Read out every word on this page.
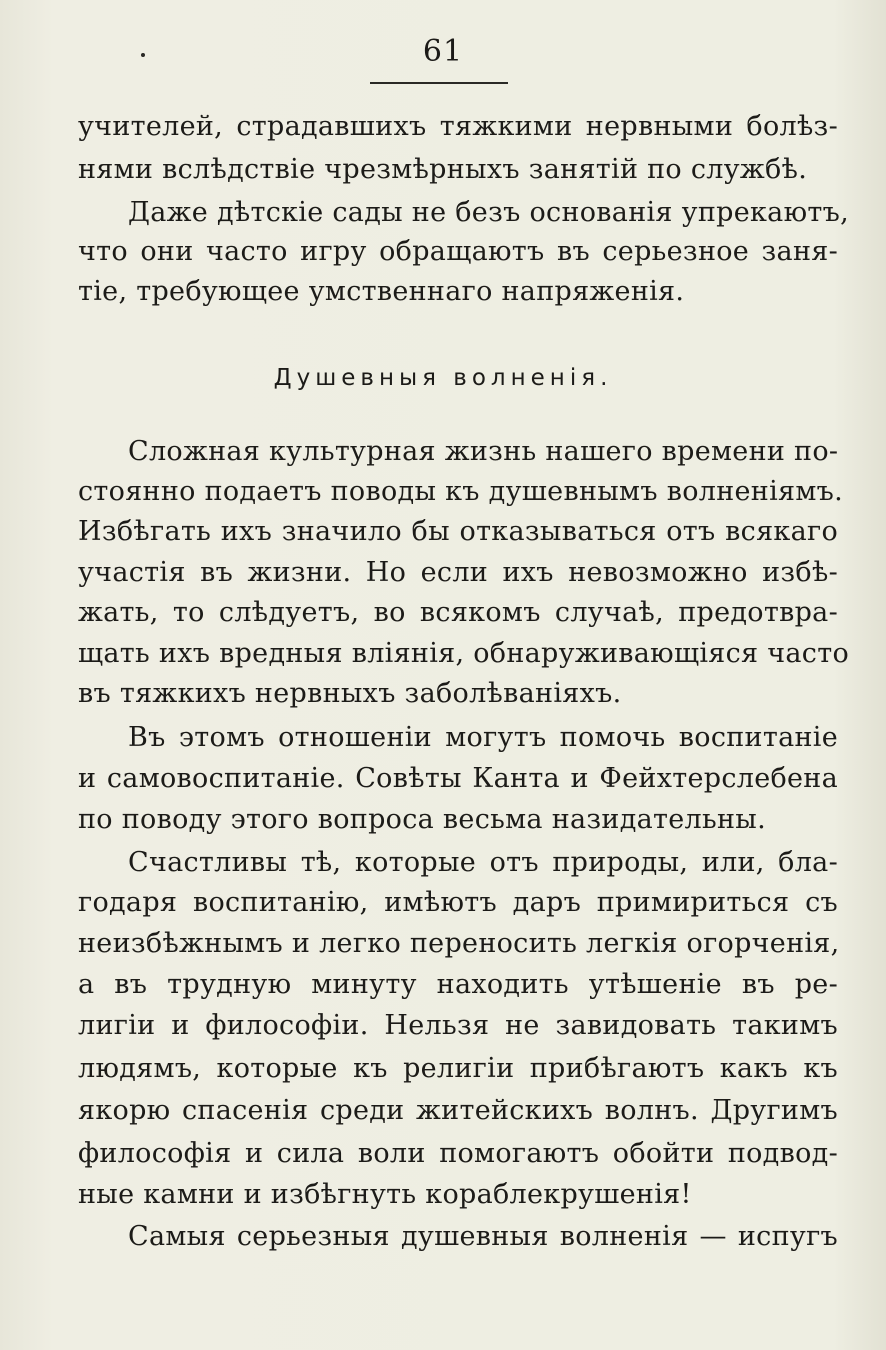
61
учителей, страдавшихъ тяжкими нервными болѣз-
нями вслѣдствіе чрезмѣрныхъ занятій по службѣ.
Даже дѣтскіе сады не безъ основанія упрекаютъ,
что они часто игру обращаютъ въ серьезное заня-
тіе, требующее умственнаго напряженія.
Душевныя волненія.
Сложная культурная жизнь нашего времени по-
стоянно подаетъ поводы къ душевнымъ волненіямъ.
Избѣгать ихъ значило бы отказываться отъ всякаго
участія въ жизни. Но если ихъ невозможно избѣ-
жать, то слѣдуетъ, во всякомъ случаѣ, предотвра-
щать ихъ вредныя вліянія, обнаруживающіяся часто
въ тяжкихъ нервныхъ заболѣваніяхъ.
Въ этомъ отношеніи могутъ помочь воспитаніе
и самовоспитаніе. Совѣты Канта и Фейхтерслебена
по поводу этого вопроса весьма назидательны.
Счастливы тѣ, которые отъ природы, или, бла-
годаря воспитанію, имѣютъ даръ примириться съ
неизбѣжнымъ и легко переносить легкія огорченія,
а въ трудную минуту находить утѣшеніе въ ре-
лигіи и философіи. Нельзя не завидовать такимъ
людямъ, которые къ религіи прибѣгаютъ какъ къ
якорю спасенія среди житейскихъ волнъ. Другимъ
философія и сила воли помогаютъ обойти подвод-
ные камни и избѣгнуть кораблекрушенія!
Самыя серьезныя душевныя волненія — испугъ
